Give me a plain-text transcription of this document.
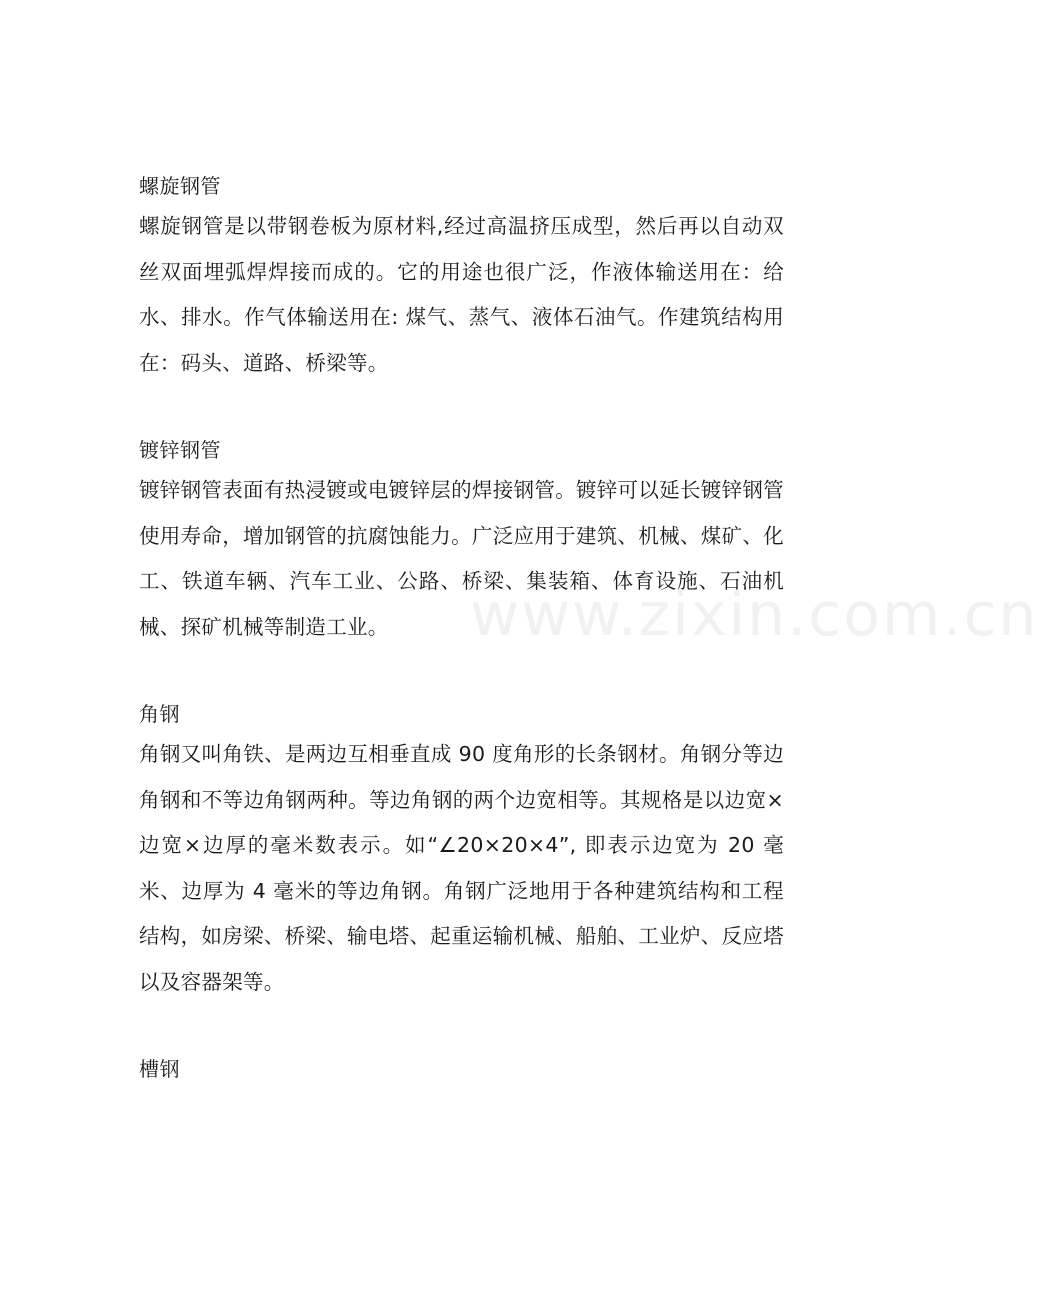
www.zixin.com.cn

螺旋钢管

螺旋钢管是以带钢卷板为原材料,经过高温挤压成型，然后再以自动双丝双面埋弧焊焊接而成的。它的用途也很广泛，作液体输送用在：给水、排水。作气体输送用在: 煤气、蒸气、液体石油气。作建筑结构用在：码头、道路、桥梁等。

镀锌钢管

镀锌钢管表面有热浸镀或电镀锌层的焊接钢管。镀锌可以延长镀锌钢管使用寿命，增加钢管的抗腐蚀能力。广泛应用于建筑、机械、煤矿、化工、铁道车辆、汽车工业、公路、桥梁、集装箱、体育设施、石油机械、探矿机械等制造工业。

角钢

角钢又叫角铁、是两边互相垂直成 90 度角形的长条钢材。角钢分等边角钢和不等边角钢两种。等边角钢的两个边宽相等。其规格是以边宽×边宽×边厚的毫米数表示。如“∠20×20×4”, 即表示边宽为 20 毫米、边厚为 4 毫米的等边角钢。角钢广泛地用于各种建筑结构和工程结构，如房梁、桥梁、输电塔、起重运输机械、船舶、工业炉、反应塔以及容器架等。

槽钢
